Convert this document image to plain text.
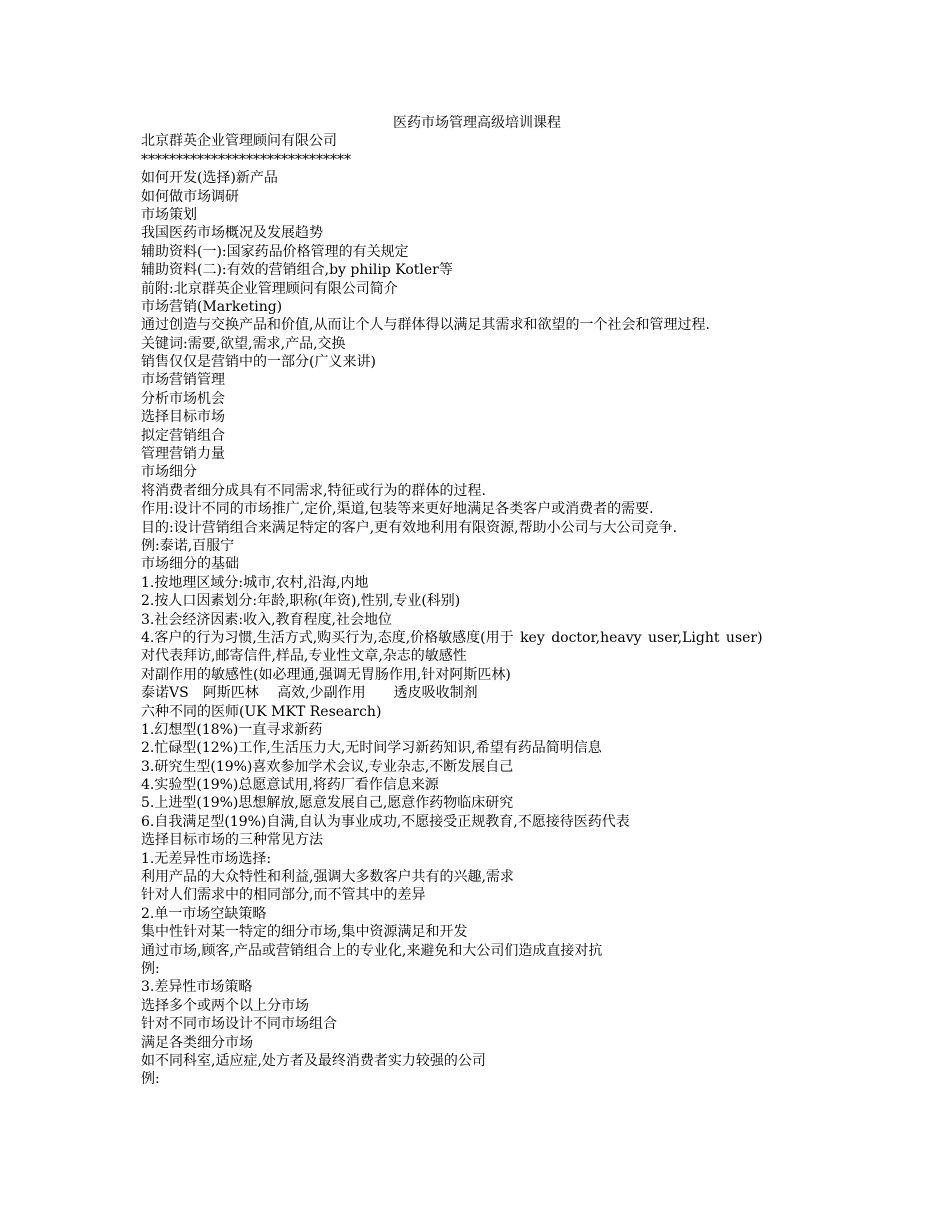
医药市场管理高级培训课程
北京群英企业管理顾问有限公司
******************************
如何开发(选择)新产品
如何做市场调研
市场策划
我国医药市场概况及发展趋势
辅助资料(一):国家药品价格管理的有关规定
辅助资料(二):有效的营销组合,by philip Kotler等
前附:北京群英企业管理顾问有限公司简介
市场营销(Marketing)
通过创造与交换产品和价值,从而让个人与群体得以满足其需求和欲望的一个社会和管理过程.
关键词:需要,欲望,需求,产品,交换
销售仅仅是营销中的一部分(广义来讲)
市场营销管理
分析市场机会
选择目标市场
拟定营销组合
管理营销力量
市场细分
将消费者细分成具有不同需求,特征或行为的群体的过程.
作用:设计不同的市场推广,定价,渠道,包装等来更好地满足各类客户或消费者的需要.
目的:设计营销组合来满足特定的客户,更有效地利用有限资源,帮助小公司与大公司竞争.
例:泰诺,百服宁
市场细分的基础
1.按地理区域分:城市,农村,沿海,内地
2.按人口因素划分:年龄,职称(年资),性别,专业(科别)
3.社会经济因素:收入,教育程度,社会地位
4.客户的行为习惯,生活方式,购买行为,态度,价格敏感度(用于 key doctor,heavy user,Light user)
对代表拜访,邮寄信件,样品,专业性文章,杂志的敏感性
对副作用的敏感性(如必理通,强调无胃肠作用,针对阿斯匹林)
泰诺VS　阿斯匹林　 高效,少副作用　　透皮吸收制剂
六种不同的医师(UK MKT Research)
1.幻想型(18%)一直寻求新药
2.忙碌型(12%)工作,生活压力大,无时间学习新药知识,希望有药品简明信息
3.研究生型(19%)喜欢参加学术会议,专业杂志,不断发展自己
4.实验型(19%)总愿意试用,将药厂看作信息来源
5.上进型(19%)思想解放,愿意发展自己,愿意作药物临床研究
6.自我满足型(19%)自满,自认为事业成功,不愿接受正规教育,不愿接待医药代表
选择目标市场的三种常见方法
1.无差异性市场选择:
利用产品的大众特性和利益,强调大多数客户共有的兴趣,需求
针对人们需求中的相同部分,而不管其中的差异
2.单一市场空缺策略
集中性针对某一特定的细分市场,集中资源满足和开发
通过市场,顾客,产品或营销组合上的专业化,来避免和大公司们造成直接对抗
例:
3.差异性市场策略
选择多个或两个以上分市场
针对不同市场设计不同市场组合
满足各类细分市场
如不同科室,适应症,处方者及最终消费者实力较强的公司
例:
